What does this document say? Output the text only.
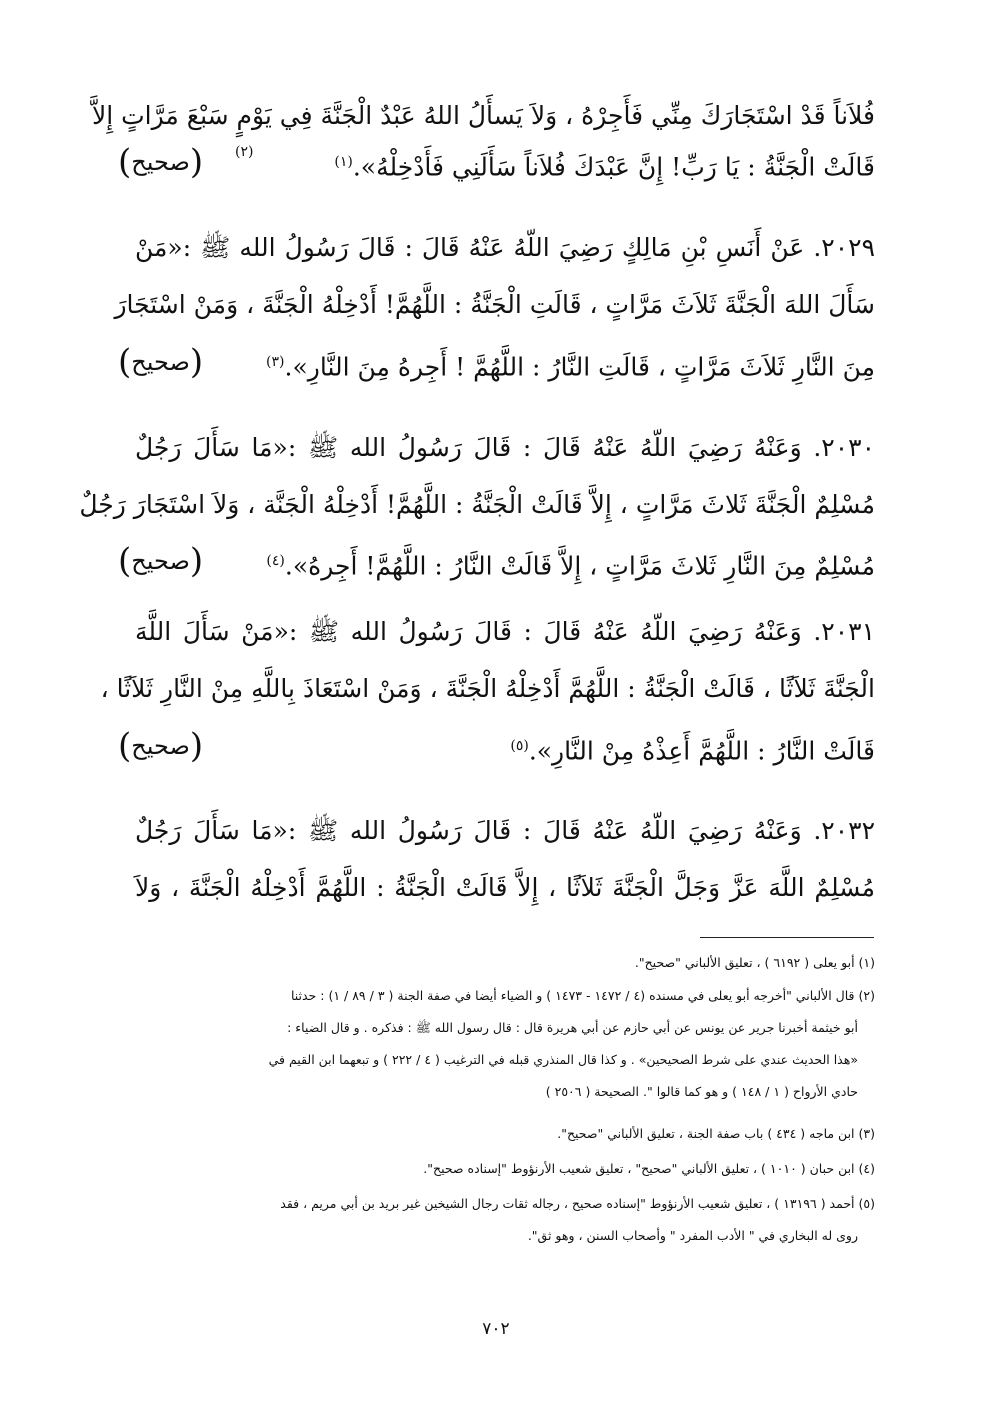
فُلاَناً قَدْ اسْتَجَارَكَ مِنِّي فَأَجِرْهُ ، وَلاَ يَسأَلُ اللهُ عَبْدٌ الْجَنَّةَ فِي يَوْمٍ سَبْعَ مَرَّاتٍ إِلاَّ
قَالَتْ الْجَنَّةُ : يَا رَبِّ! إِنَّ عَبْدَكَ فُلاَناً سَأَلَنِي فَأَدْخِلْهُ».$^{(١)}$
(صحيح)	(٢)
٢٠٢٩. عَنْ أَنَسِ بْنِ مَالِكٍ رَضِيَ اللّهُ عَنْهُ قَالَ : قَالَ رَسُولُ الله ﷺ :«مَنْ
سَأَلَ اللهَ الْجَنَّةَ ثَلاَثَ مَرَّاتٍ ، قَالَتِ الْجَنَّةُ : اللَّهُمَّ! أَدْخِلْهُ الْجَنَّةَ ، وَمَنْ اسْتَجَارَ
مِنَ النَّارِ ثَلاَثَ مَرَّاتٍ ، قَالَتِ النَّارُ : اللَّهُمَّ ! أَجِرهُ مِنَ النَّارِ».$^{(٣)}$
(صحيح)
٢٠٣٠. وَعَنْهُ رَضِيَ اللّهُ عَنْهُ قَالَ : قَالَ رَسُولُ الله ﷺ :«مَا سَأَلَ رَجُلٌ
مُسْلِمٌ الْجَنَّةَ ثَلاثَ مَرَّاتٍ ، إِلاَّ قَالَتْ الْجَنَّةُ : اللَّهُمَّ! أَدْخِلْهُ الْجَنَّة ، وَلاَ اسْتَجَارَ رَجُلٌ
مُسْلِمٌ مِنَ النَّارِ ثَلاثَ مَرَّاتٍ ، إِلاَّ قَالَتْ النَّارُ : اللَّهُمَّ! أَجِرهُ».$^{(٤)}$
(صحيح)
٢٠٣١. وَعَنْهُ رَضِيَ اللّهُ عَنْهُ قَالَ : قَالَ رَسُولُ الله ﷺ :«مَنْ سَأَلَ اللَّهَ
الْجَنَّةَ ثَلاَثًا ، قَالَتْ الْجَنَّةُ : اللَّهُمَّ أَدْخِلْهُ الْجَنَّةَ ، وَمَنْ اسْتَعَاذَ بِاللَّهِ مِنْ النَّارِ ثَلاَثًا ،
قَالَتْ النَّارُ : اللَّهُمَّ أَعِذْهُ مِنْ النَّارِ».$^{(٥)}$
(صحيح)
٢٠٣٢. وَعَنْهُ رَضِيَ اللّهُ عَنْهُ قَالَ : قَالَ رَسُولُ الله ﷺ :«مَا سَأَلَ رَجُلٌ
مُسْلِمٌ اللَّهَ عَزَّ وَجَلَّ الْجَنَّةَ ثَلاَثًا ، إِلاَّ قَالَتْ الْجَنَّةُ : اللَّهُمَّ أَدْخِلْهُ الْجَنَّةَ ، وَلاَ
(١) أبو يعلى ( ٦١٩٢ ) ، تعليق الألباني "صحيح".
(٢) قال الألباني "أخرجه أبو يعلى في مسنده (٤ / ١٤٧٢ - ١٤٧٣ ) و الضياء أيضا في صفة الجنة ( ٣ / ٨٩ / ١) : حدثنا
أبو خيثمة أخبرنا جرير عن يونس عن أبي حازم عن أبي هريرة قال : قال رسول الله ﷺ : فذكره . و قال الضياء :
«هذا الحديث عندي على شرط الصحيحين» . و كذا قال المنذري قبله في الترغيب ( ٤ / ٢٢٢ ) و تبعهما ابن القيم في
حادي الأرواح ( ١ / ١٤٨ ) و هو كما قالوا ". الصحيحة ( ٢٥٠٦ )
(٣) ابن ماجه ( ٤٣٤ ) باب صفة الجنة ، تعليق الألباني "صحيح".
(٤) ابن حبان ( ١٠١٠ ) ، تعليق الألباني "صحيح" ، تعليق شعيب الأرنؤوط "إسناده صحيح".
(٥) أحمد ( ١٣١٩٦ ) ، تعليق شعيب الأرنؤوط "إسناده صحيح ، رجاله ثقات رجال الشيخين غير بريد بن أبي مريم ، فقد
روى له البخاري في " الأدب المفرد " وأصحاب السنن ، وهو ثق".
٧٠٢
